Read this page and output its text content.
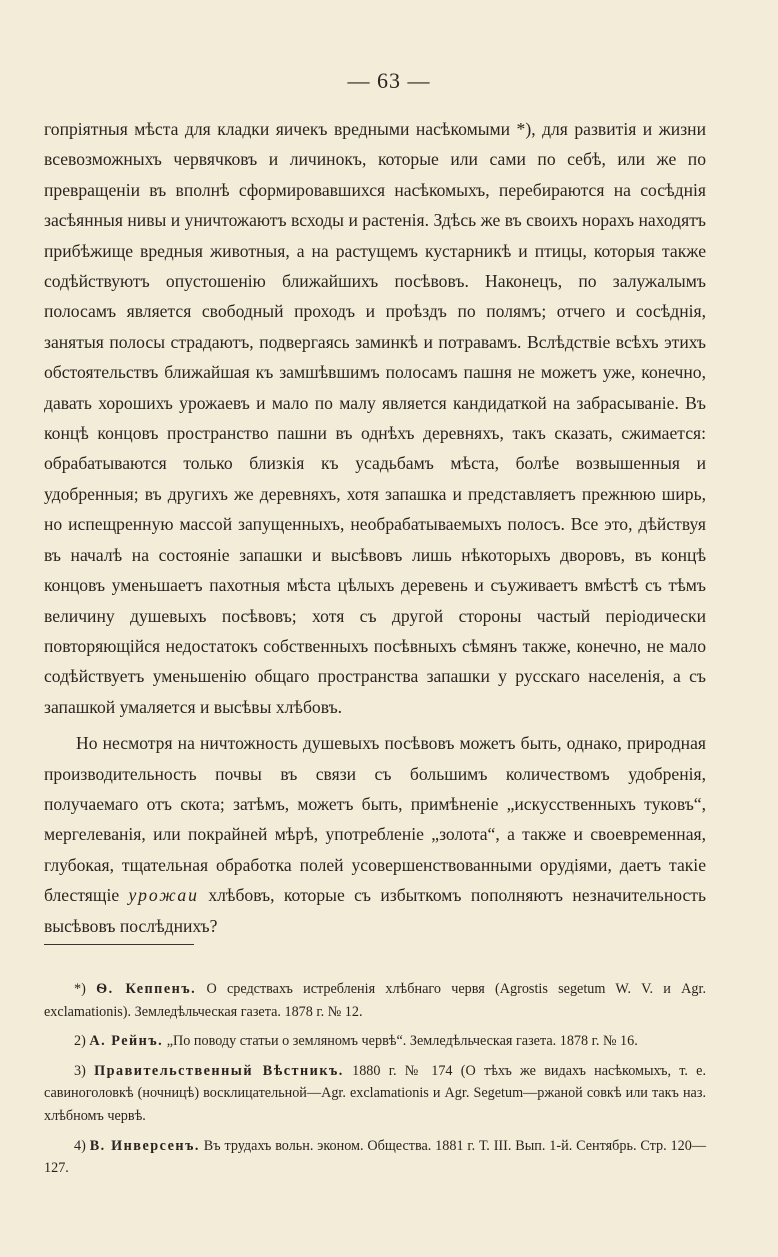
— 63 —

гопріятныя мѣста для кладки яичекъ вредными насѣкомыми *), для развитія и жизни всевозможныхъ червячковъ и личинокъ, которые или сами по себѣ, или же по превращеніи въ вполнѣ сформировавшихся насѣкомыхъ, перебираются на сосѣднія засѣянныя нивы и уничтожаютъ всходы и растенія. Здѣсь же въ своихъ норахъ находятъ прибѣжище вредныя животныя, а на растущемъ кустарникѣ и птицы, которыя также содѣйствуютъ опустошенію ближайшихъ посѣвовъ. Наконецъ, по залужалымъ полосамъ является свободный проходъ и проѣздъ по полямъ; отчего и сосѣднія, занятыя полосы страдаютъ, подвергаясь заминкѣ и потравамъ. Вслѣдствіе всѣхъ этихъ обстоятельствъ ближайшая къ замшѣвшимъ полосамъ пашня не можетъ уже, конечно, давать хорошихъ урожаевъ и мало по малу является кандидаткой на забрасываніе. Въ концѣ концовъ пространство пашни въ однѣхъ деревняхъ, такъ сказать, сжимается: обрабатываются только близкія къ усадьбамъ мѣста, болѣе возвышенныя и удобренныя; въ другихъ же деревняхъ, хотя запашка и представляетъ прежнюю ширь, но испещренную массой запущенныхъ, необрабатываемыхъ полосъ. Все это, дѣйствуя въ началѣ на состояніе запашки и высѣвовъ лишь нѣкоторыхъ дворовъ, въ концѣ концовъ уменьшаетъ пахотныя мѣста цѣлыхъ деревень и съуживаетъ вмѣстѣ съ тѣмъ величину душевыхъ посѣвовъ; хотя съ другой стороны частый періодически повторяющійся недостатокъ собственныхъ посѣвныхъ сѣмянъ также, конечно, не мало содѣйствуетъ уменьшенію общаго пространства запашки у русскаго населенія, а съ запашкой умаляется и высѣвы хлѣбовъ.

Но несмотря на ничтожность душевыхъ посѣвовъ можетъ быть, однако, природная производительность почвы въ связи съ большимъ количествомъ удобренія, получаемаго отъ скота; затѣмъ, можетъ быть, примѣненіе „искусственныхъ туковъ“, мергелеванія, или покрайней мѣрѣ, употребленіе „золота“, а также и своевременная, глубокая, тщательная обработка полей усовершенствованными орудіями, даетъ такіе блестящіе урожаи хлѣбовъ, которые съ избыткомъ пополняютъ незначительность высѣвовъ послѣднихъ?

*) Ѳ. Кеппенъ. О средствахъ истребленія хлѣбнаго червя (Agrostis segetum W. V. и Agr. exclamationis). Земледѣльческая газета. 1878 г. № 12.

2) А. Рейнъ. „По поводу статьи о земляномъ червѣ“. Земледѣльческая газета. 1878 г. № 16.

3) Правительственный Вѣстникъ. 1880 г. № 174 (О тѣхъ же видахъ насѣкомыхъ, т. е. савиноголовкѣ (ночницѣ) восклицательной—Agr. exclamationis и Agr. Segetum—ржаной совкѣ или такъ наз. хлѣбномъ червѣ.

4) В. Инверсенъ. Въ трудахъ вольн. эконом. Общества. 1881 г. Т. III. Вып. 1-й. Сентябрь. Стр. 120—127.
